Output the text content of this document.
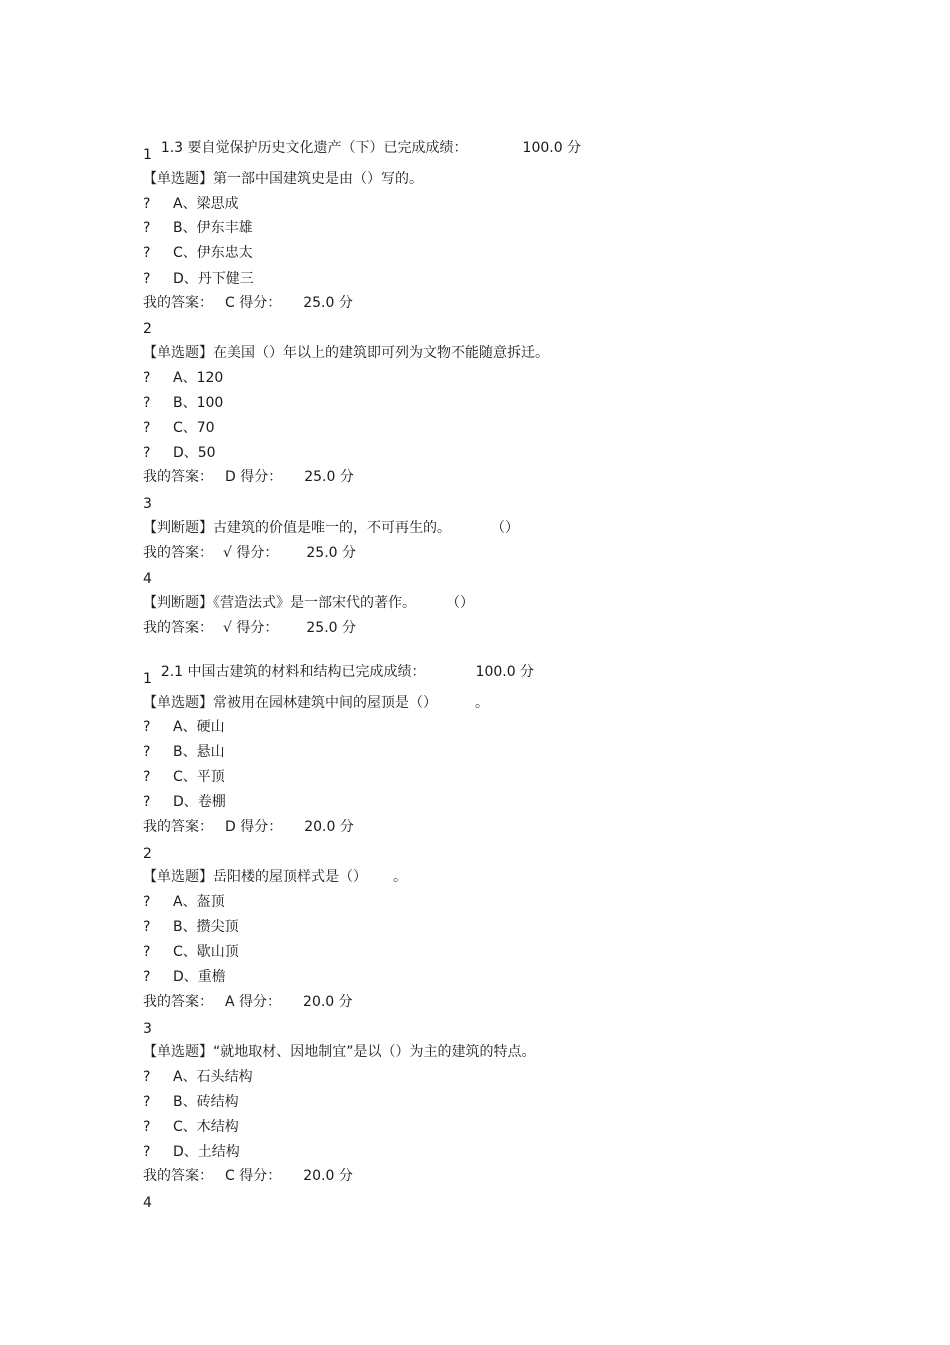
1.3 要自觉保护历史文化遗产（下）已完成成绩：	100.0 分

1
【单选题】第一部中国建筑史是由（）写的。
? A、梁思成
? B、伊东丰雄
? C、伊东忠太
? D、丹下健三
我的答案： C 得分： 25.0 分
2
【单选题】在美国（）年以上的建筑即可列为文物不能随意拆迁。
? A、120
? B、100
? C、70
? D、50
我的答案： D 得分： 25.0 分
3
【判断题】古建筑的价值是唯一的，不可再生的。	（）
我的答案： √ 得分： 25.0 分
4
【判断题】《营造法式》是一部宋代的著作。 （）
我的答案： √ 得分： 25.0 分

2.1 中国古建筑的材料和结构已完成成绩：	100.0 分

1
【单选题】常被用在园林建筑中间的屋顶是（）	。
? A、硬山
? B、悬山
? C、平顶
? D、卷棚
我的答案： D 得分： 20.0 分
2
【单选题】岳阳楼的屋顶样式是（） 。
? A、盔顶
? B、攒尖顶
? C、歇山顶
? D、重檐
我的答案： A 得分： 20.0 分
3
【单选题】“就地取材、因地制宜”是以（）为主的建筑的特点。
? A、石头结构
? B、砖结构
? C、木结构
? D、土结构
我的答案： C 得分： 20.0 分
4
